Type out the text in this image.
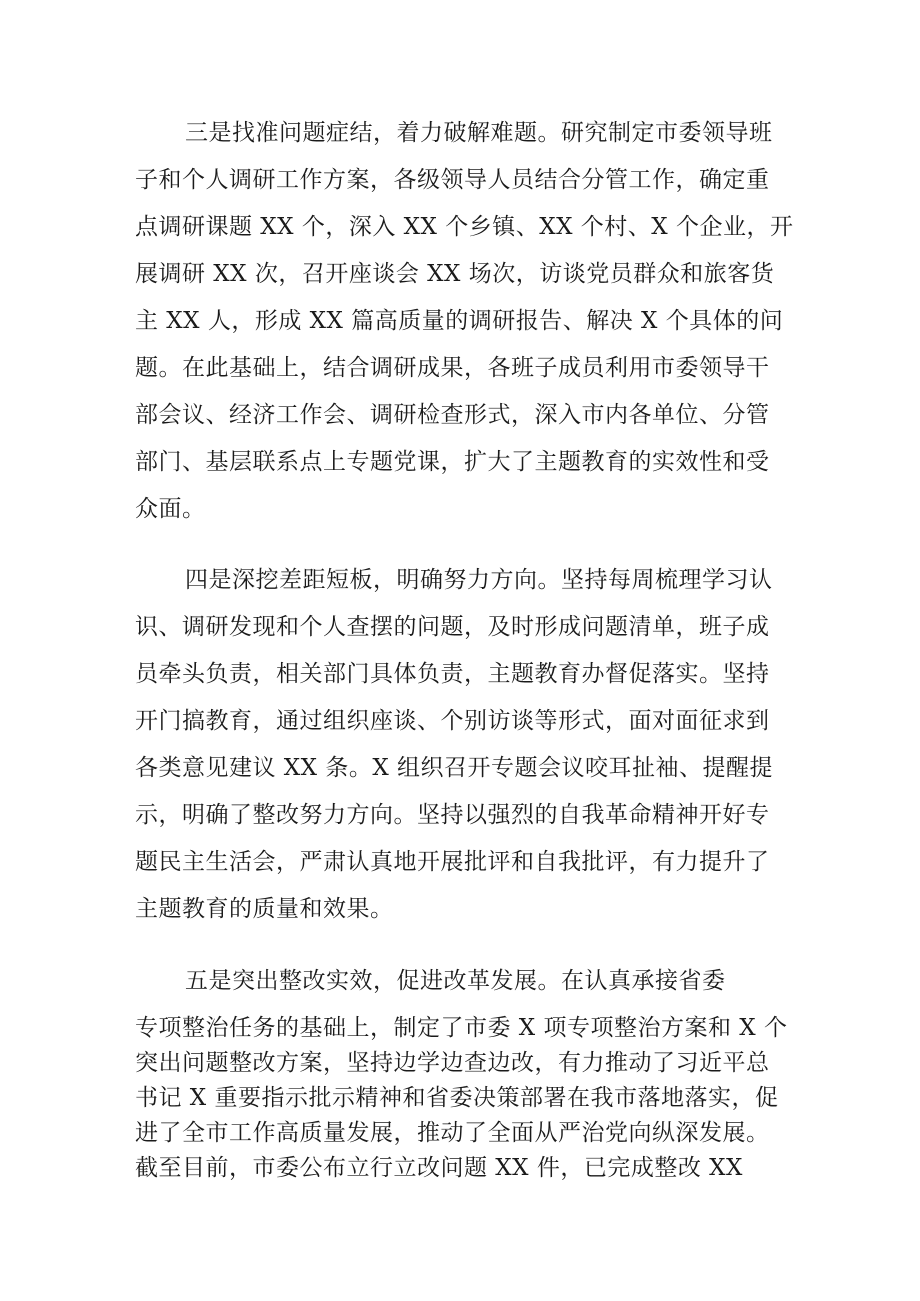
三是找准问题症结，着力破解难题。研究制定市委领导班
子和个人调研工作方案，各级领导人员结合分管工作，确定重
点调研课题 XX 个，深入 XX 个乡镇、XX 个村、X 个企业，开
展调研 XX 次，召开座谈会 XX 场次，访谈党员群众和旅客货
主 XX 人，形成 XX 篇高质量的调研报告、解决 X 个具体的问
题。在此基础上，结合调研成果，各班子成员利用市委领导干
部会议、经济工作会、调研检查形式，深入市内各单位、分管
部门、基层联系点上专题党课，扩大了主题教育的实效性和受
众面。
四是深挖差距短板，明确努力方向。坚持每周梳理学习认
识、调研发现和个人查摆的问题，及时形成问题清单，班子成
员牵头负责，相关部门具体负责，主题教育办督促落实。坚持
开门搞教育，通过组织座谈、个别访谈等形式，面对面征求到
各类意见建议 XX 条。X 组织召开专题会议咬耳扯袖、提醒提
示，明确了整改努力方向。坚持以强烈的自我革命精神开好专
题民主生活会，严肃认真地开展批评和自我批评，有力提升了
主题教育的质量和效果。
五是突出整改实效，促进改革发展。在认真承接省委
专项整治任务的基础上，制定了市委 X 项专项整治方案和 X 个
突出问题整改方案，坚持边学边查边改，有力推动了习近平总
书记 X 重要指示批示精神和省委决策部署在我市落地落实，促
进了全市工作高质量发展，推动了全面从严治党向纵深发展。
截至目前，市委公布立行立改问题 XX 件，已完成整改 XX
